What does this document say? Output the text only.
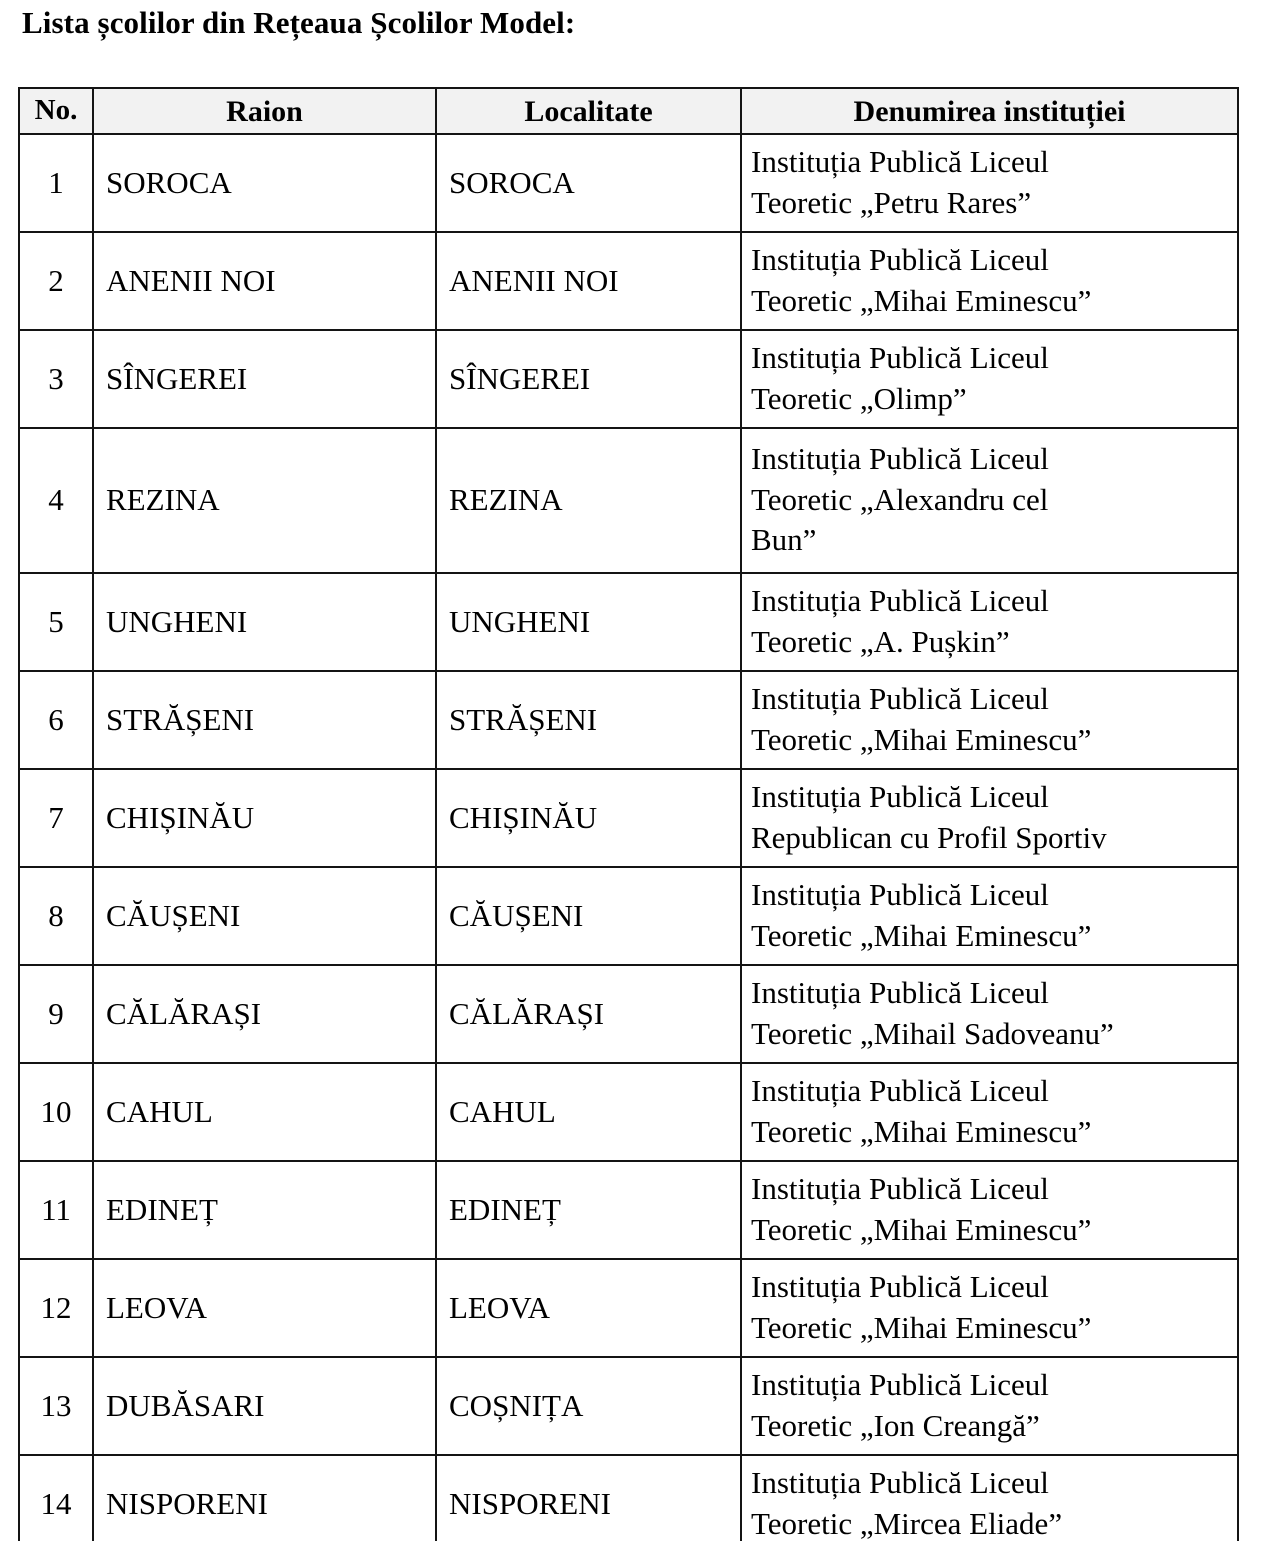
Lista școlilor din Rețeaua Școlilor Model:
No.	Raion	Localitate	Denumirea instituției
1	SOROCA	SOROCA	Instituția Publică Liceul
Teoretic „Petru Rares”

2	ANENII NOI	ANENII NOI	Instituția Publică Liceul
Teoretic „Mihai Eminescu”

3	SÎNGEREI	SÎNGEREI	Instituția Publică Liceul
Teoretic „Olimp”

4	REZINA	REZINA	Instituția Publică Liceul
Teoretic „Alexandru cel
Bun”

5	UNGHENI	UNGHENI	Instituția Publică Liceul
Teoretic „A. Pușkin”

6	STRĂȘENI	STRĂȘENI	Instituția Publică Liceul
Teoretic „Mihai Eminescu”

7	CHIȘINĂU	CHIȘINĂU	Instituția Publică Liceul
Republican cu Profil Sportiv

8	CĂUȘENI	CĂUȘENI	Instituția Publică Liceul
Teoretic „Mihai Eminescu”

9	CĂLĂRAȘI	CĂLĂRAȘI	Instituția Publică Liceul
Teoretic „Mihail Sadoveanu”

10	CAHUL	CAHUL	Instituția Publică Liceul
Teoretic „Mihai Eminescu”

11	EDINEȚ	EDINEȚ	Instituția Publică Liceul
Teoretic „Mihai Eminescu”

12	LEOVA	LEOVA	Instituția Publică Liceul
Teoretic „Mihai Eminescu”

13	DUBĂSARI	COȘNIȚA	Instituția Publică Liceul
Teoretic „Ion Creangă”

14	NISPORENI	NISPORENI	Instituția Publică Liceul
Teoretic „Mircea Eliade”
